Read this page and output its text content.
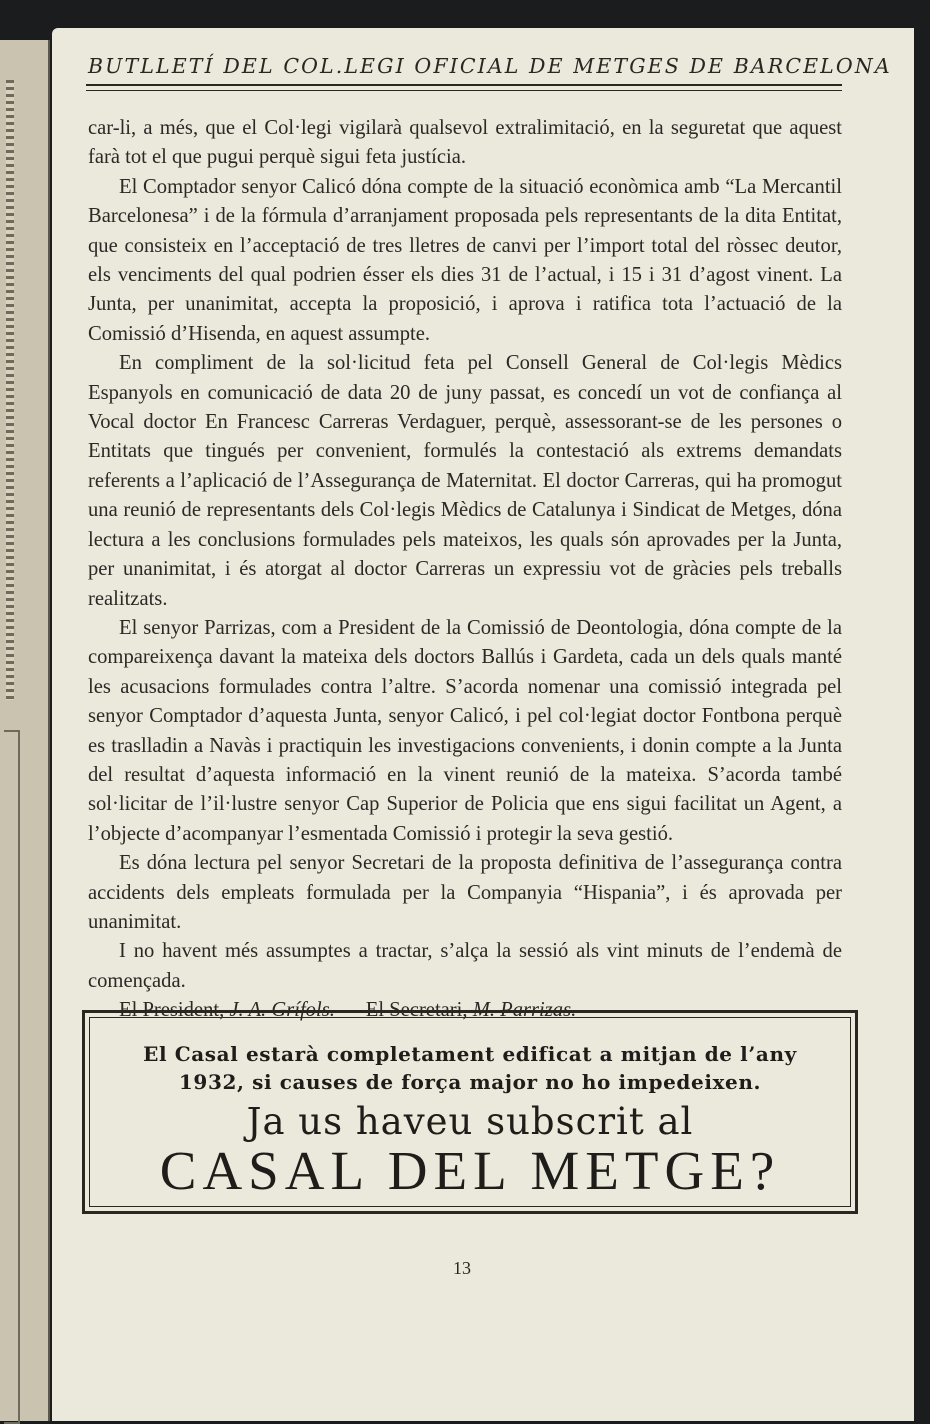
BUTLLETÍ DEL COL.LEGI OFICIAL DE METGES DE BARCELONA

car-li, a més, que el Col·legi vigilarà qualsevol extralimitació, en la seguretat que aquest farà tot el que pugui perquè sigui feta justícia.

El Comptador senyor Calicó dóna compte de la situació econòmica amb “La Mercantil Barcelonesa” i de la fórmula d’arranjament proposada pels representants de la dita Entitat, que consisteix en l’acceptació de tres lletres de canvi per l’import total del ròssec deutor, els venciments del qual podrien ésser els dies 31 de l’actual, i 15 i 31 d’agost vinent. La Junta, per unanimitat, accepta la proposició, i aprova i ratifica tota l’actuació de la Comissió d’Hisenda, en aquest assumpte.

En compliment de la sol·licitud feta pel Consell General de Col·legis Mèdics Espanyols en comunicació de data 20 de juny passat, es concedí un vot de confiança al Vocal doctor En Francesc Carreras Verdaguer, perquè, assessorant-se de les persones o Entitats que tingués per convenient, formulés la contestació als extrems demandats referents a l’aplicació de l’Assegurança de Maternitat. El doctor Carreras, qui ha promogut una reunió de representants dels Col·legis Mèdics de Catalunya i Sindicat de Metges, dóna lectura a les conclusions formulades pels mateixos, les quals són aprovades per la Junta, per unanimitat, i és atorgat al doctor Carreras un expressiu vot de gràcies pels treballs realitzats.

El senyor Parrizas, com a President de la Comissió de Deontologia, dóna compte de la compareixença davant la mateixa dels doctors Ballús i Gardeta, cada un dels quals manté les acusacions formulades contra l’altre. S’acorda nomenar una comissió integrada pel senyor Comptador d’aquesta Junta, senyor Calicó, i pel col·legiat doctor Fontbona perquè es traslladin a Navàs i practiquin les investigacions convenients, i donin compte a la Junta del resultat d’aquesta informació en la vinent reunió de la mateixa. S’acorda també sol·licitar de l’il·lustre senyor Cap Superior de Policia que ens sigui facilitat un Agent, a l’objecte d’acompanyar l’esmentada Comissió i protegir la seva gestió.

Es dóna lectura pel senyor Secretari de la proposta definitiva de l’assegurança contra accidents dels empleats formulada per la Companyia “Hispania”, i és aprovada per unanimitat.

I no havent més assumptes a tractar, s’alça la sessió als vint minuts de l’endemà de començada.

El President, J. A. Grífols. — El Secretari, M. Parrizas.
El Casal estarà completament edificat a mitjan de l’any
1932, si causes de força major no ho impedeixen.
Ja us haveu subscrit al
CASAL DEL METGE?
13
